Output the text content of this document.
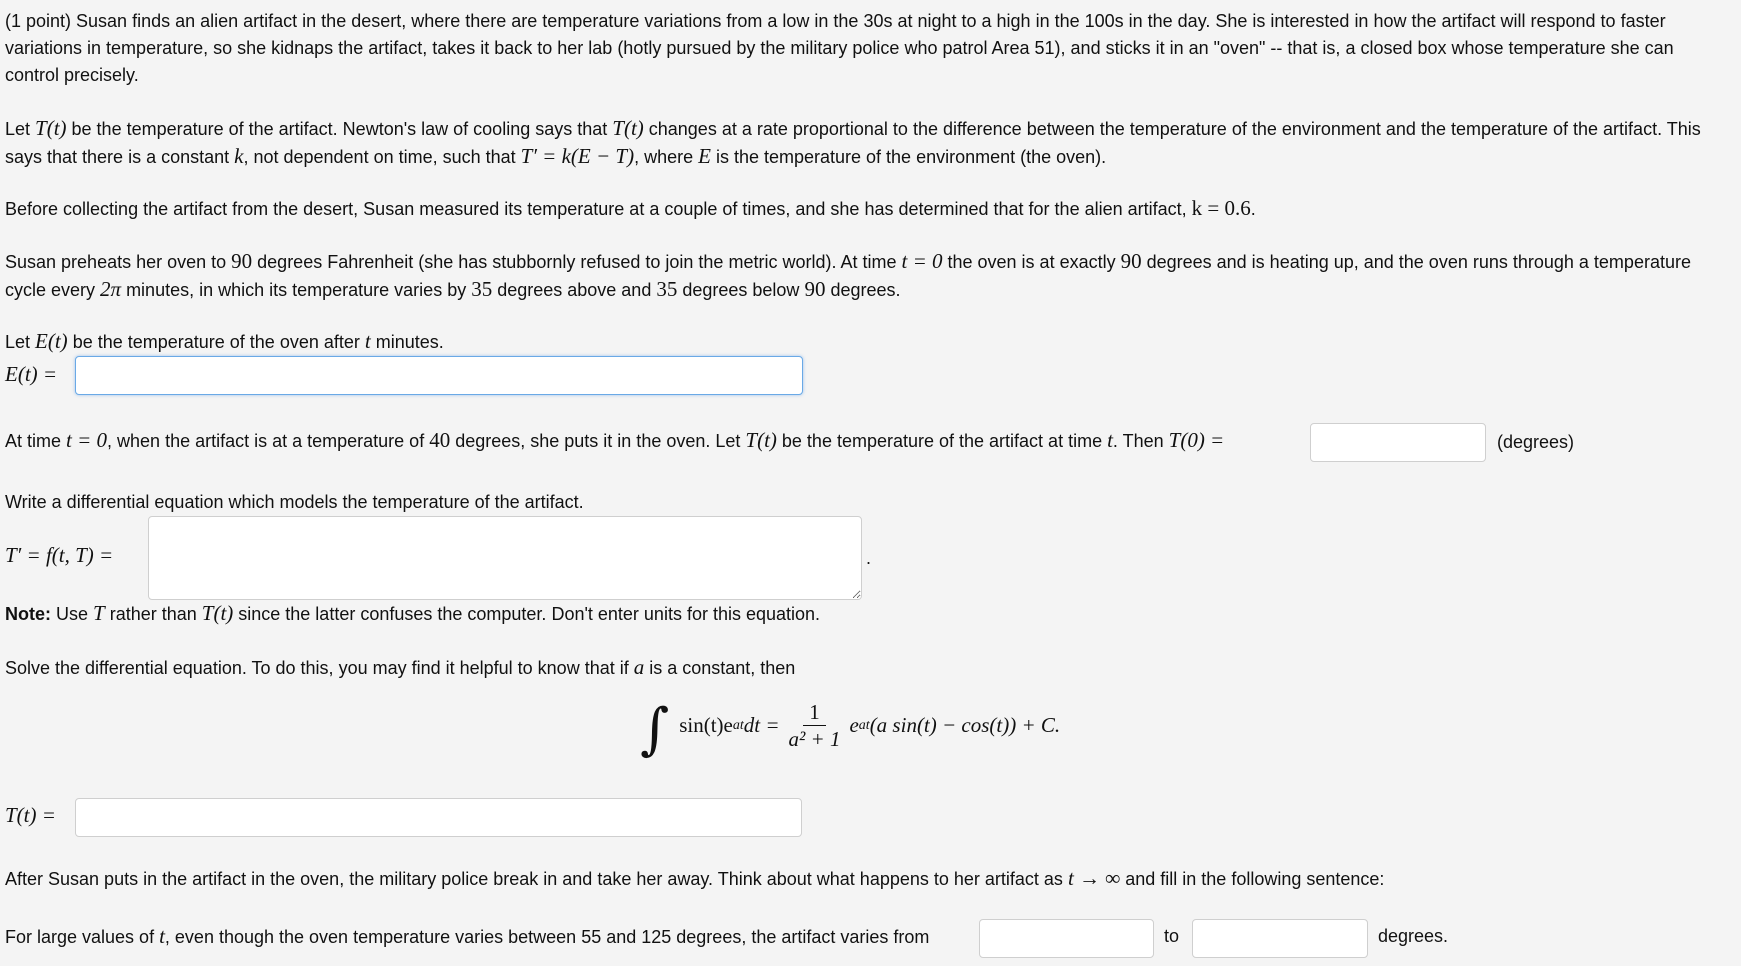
(1 point) Susan finds an alien artifact in the desert, where there are temperature variations from a low in the 30s at night to a high in the 100s in the day. She is interested in how the artifact will respond to faster variations in temperature, so she kidnaps the artifact, takes it back to her lab (hotly pursued by the military police who patrol Area 51), and sticks it in an "oven" -- that is, a closed box whose temperature she can control precisely.

Let T(t) be the temperature of the artifact. Newton's law of cooling says that T(t) changes at a rate proportional to the difference between the temperature of the environment and the temperature of the artifact. This says that there is a constant k, not dependent on time, such that T′ = k(E − T), where E is the temperature of the environment (the oven).

Before collecting the artifact from the desert, Susan measured its temperature at a couple of times, and she has determined that for the alien artifact, k = 0.6.

Susan preheats her oven to 90 degrees Fahrenheit (she has stubbornly refused to join the metric world). At time t = 0 the oven is at exactly 90 degrees and is heating up, and the oven runs through a temperature cycle every 2π minutes, in which its temperature varies by 35 degrees above and 35 degrees below 90 degrees.

Let E(t) be the temperature of the oven after t minutes.
E(t) =
At time t = 0, when the artifact is at a temperature of 40 degrees, she puts it in the oven. Let T(t) be the temperature of the artifact at time t. Then T(0) =	(degrees)
Write a differential equation which models the temperature of the artifact.
T′ = f(t, T) =	.
Note: Use T rather than T(t) since the latter confuses the computer. Don't enter units for this equation.
Solve the differential equation. To do this, you may find it helpful to know that if a is a constant, then
∫ sin(t)e at dt = $\frac{1}{\text{a² + 1}}$ e at (a sin(t) − cos(t)) + C.
T(t) =
After Susan puts in the artifact in the oven, the military police break in and take her away. Think about what happens to her artifact as t → ∞ and fill in the following sentence:
For large values of t, even though the oven temperature varies between 55 and 125 degrees, the artifact varies from	to	degrees.
